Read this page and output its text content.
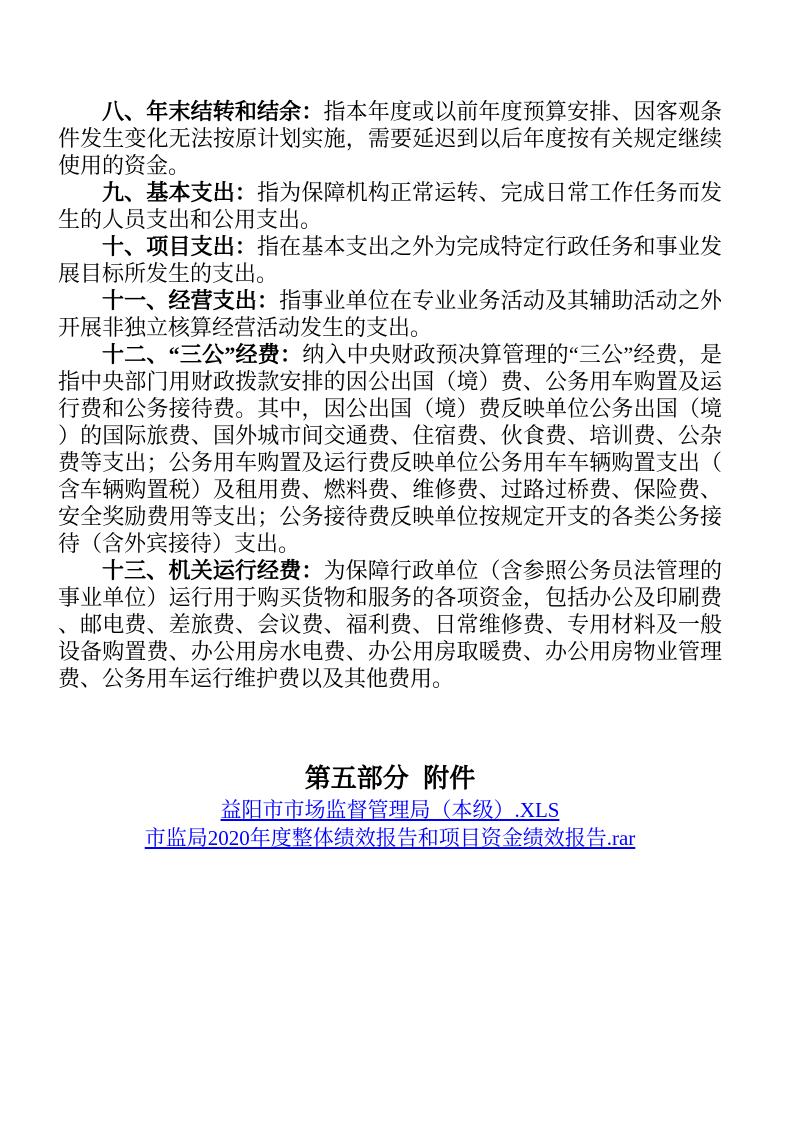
八、年末结转和结余：指本年度或以前年度预算安排、因客观条件发生变化无法按原计划实施，需要延迟到以后年度按有关规定继续使用的资金。

九、基本支出：指为保障机构正常运转、完成日常工作任务而发生的人员支出和公用支出。

十、项目支出：指在基本支出之外为完成特定行政任务和事业发展目标所发生的支出。

十一、经营支出：指事业单位在专业业务活动及其辅助活动之外开展非独立核算经营活动发生的支出。

十二、“三公”经费：纳入中央财政预决算管理的“三公”经费，是指中央部门用财政拨款安排的因公出国（境）费、公务用车购置及运行费和公务接待费。其中，因公出国（境）费反映单位公务出国（境）的国际旅费、国外城市间交通费、住宿费、伙食费、培训费、公杂费等支出；公务用车购置及运行费反映单位公务用车车辆购置支出（含车辆购置税）及租用费、燃料费、维修费、过路过桥费、保险费、安全奖励费用等支出；公务接待费反映单位按规定开支的各类公务接待（含外宾接待）支出。

十三、机关运行经费：为保障行政单位（含参照公务员法管理的事业单位）运行用于购买货物和服务的各项资金，包括办公及印刷费、邮电费、差旅费、会议费、福利费、日常维修费、专用材料及一般设备购置费、办公用房水电费、办公用房取暖费、办公用房物业管理费、公务用车运行维护费以及其他费用。

第五部分 附件
益阳市市场监督管理局（本级）.XLS
市监局2020年度整体绩效报告和项目资金绩效报告.rar
